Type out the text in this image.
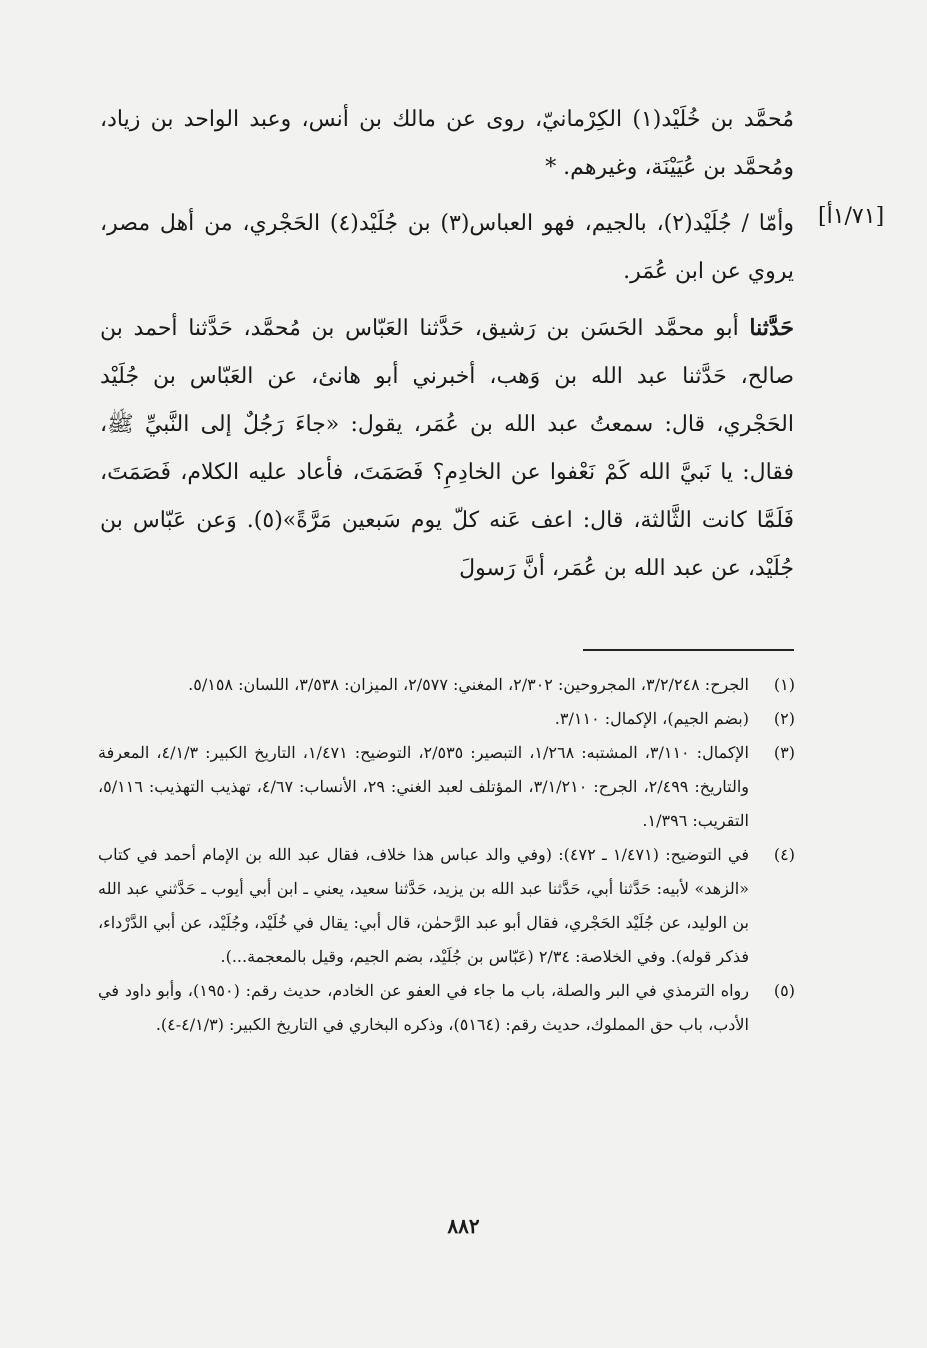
[١/٧١أ]

مُحمَّد بن خُلَيْد(١) الكِرْمانيّ، روى عن مالك بن أنس، وعبد الواحد بن زياد، ومُحمَّد بن عُيَيْنَة، وغيرهم. *

وأمّا / جُلَيْد(٢)، بالجيم، فهو العباس(٣) بن جُلَيْد(٤) الحَجْري، من أهل مصر، يروي عن ابن عُمَر.

حَدَّثنا أبو محمَّد الحَسَن بن رَشيق، حَدَّثنا العَبّاس بن مُحمَّد، حَدَّثنا أحمد بن صالح، حَدَّثنا عبد الله بن وَهب، أخبرني أبو هانئ، عن العَبّاس بن جُلَيْد الحَجْري، قال: سمعتُ عبد الله بن عُمَر، يقول: «جاءَ رَجُلٌ إلى النَّبيِّ ﷺ، فقال: يا نَبيَّ الله كَمْ نَعْفوا عن الخادِمِ؟ فَصَمَتَ، فأعاد عليه الكلام، فَصَمَتَ، فَلَمَّا كانت الثَّالثة، قال: اعف عَنه كلّ يوم سَبعين مَرَّةً»(٥). وَعن عَبّاس بن جُلَيْد، عن عبد الله بن عُمَر، أنَّ رَسولَ

(١)
الجرح: ٣/٢/٢٤٨، المجروحين: ٢/٣٠٢، المغني: ٢/٥٧٧، الميزان: ٣/٥٣٨، اللسان: ٥/١٥٨.
(٢)
(بضم الجيم)، الإكمال: ٣/١١٠.
(٣)
الإكمال: ٣/١١٠، المشتبه: ١/٢٦٨، التبصير: ٢/٥٣٥، التوضيح: ١/٤٧١، التاريخ الكبير: ٤/١/٣، المعرفة والتاريخ: ٢/٤٩٩، الجرح: ٣/١/٢١٠، المؤتلف لعبد الغني: ٢٩، الأنساب: ٤/٦٧، تهذيب التهذيب: ٥/١١٦، التقريب: ١/٣٩٦.
(٤)
في التوضيح: (١/٤٧١ ـ ٤٧٢): (وفي والد عباس هذا خلاف، فقال عبد الله بن الإمام أحمد في كتاب «الزهد» لأبيه: حَدَّثنا أبي، حَدَّثنا عبد الله بن يزيد، حَدَّثنا سعيد، يعني ـ ابن أبي أيوب ـ حَدَّثني عبد الله بن الوليد، عن جُلَيْد الحَجْري، فقال أبو عبد الرَّحمٰن، قال أبي: يقال في خُلَيْد، وجُلَيْد، عن أبي الدَّرْداء، فذكر قوله). وفي الخلاصة: ٢/٣٤ (عَبّاس بن جُلَيْد، بضم الجيم، وقيل بالمعجمة...).
(٥)
رواه الترمذي في البر والصلة، باب ما جاء في العفو عن الخادم، حديث رقم: (١٩٥٠)، وأبو داود في الأدب، باب حق المملوك، حديث رقم: (٥١٦٤)، وذكره البخاري في التاريخ الكبير: (٤/١/٣-٤).
٨٨٢
